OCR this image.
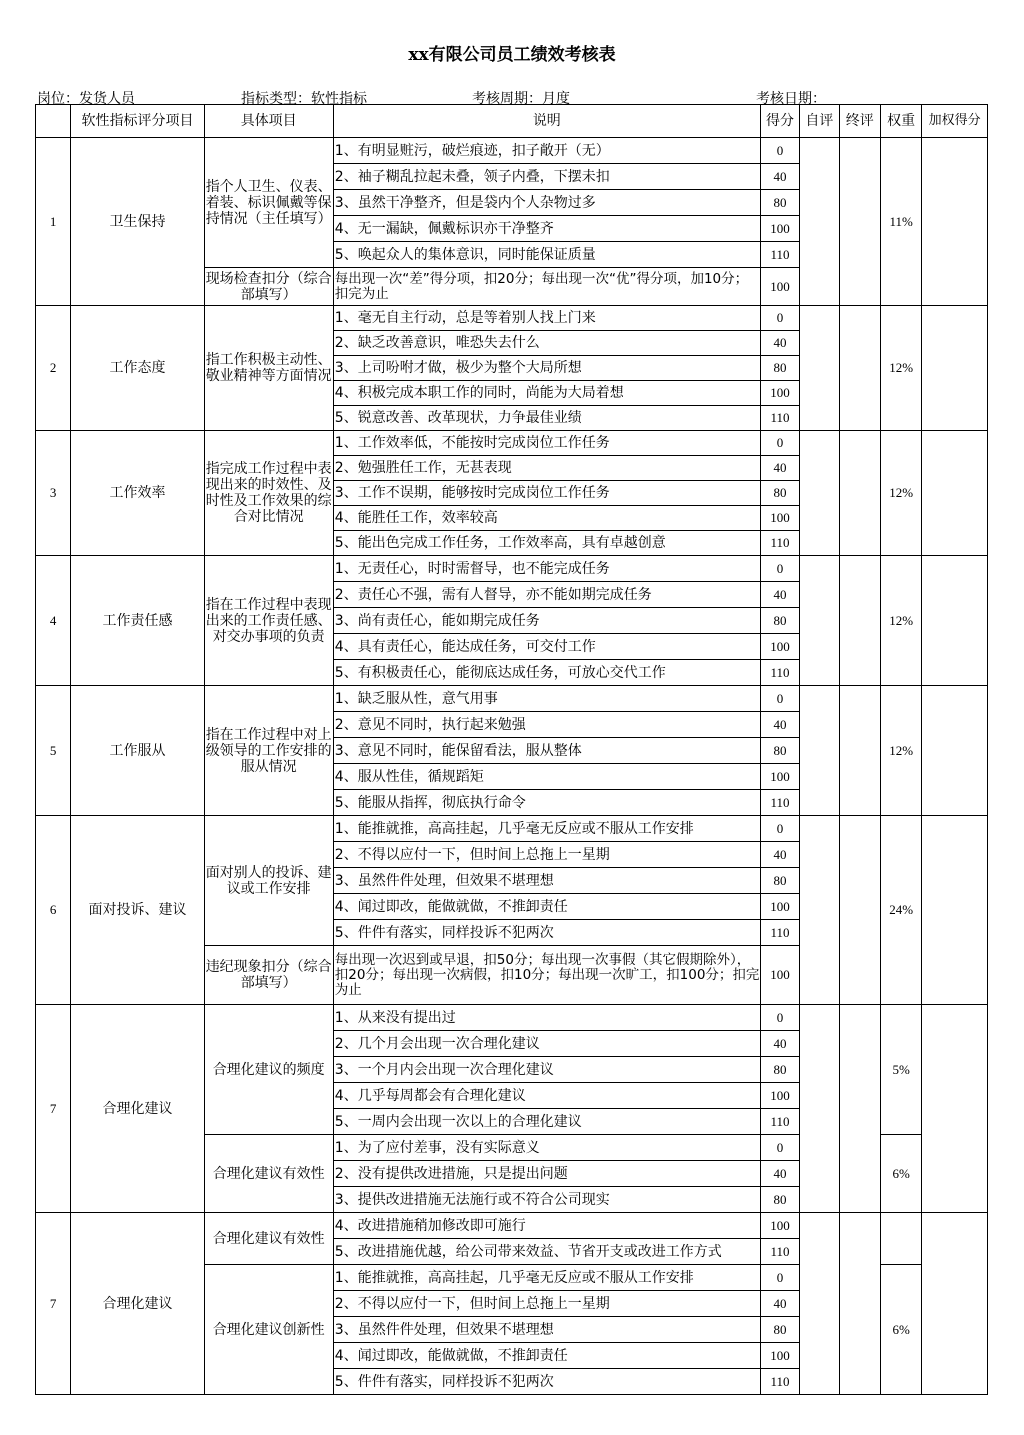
xx有限公司员工绩效考核表
岗位：发货人员	指标类型：软性指标	考核周期：月度	考核日期：
	软性指标评分项目	具体项目	说明	得分	自评	终评	权重	加权得分
1	卫生保持	指个人卫生、仪表、着装、标识佩戴等保持情况（主任填写）	1、有明显赃污，破烂痕迹，扣子敞开（无）	0			11%	
			2、袖子糊乱拉起未叠，领子内叠，下摆未扣	40				
			3、虽然干净整齐，但是袋内个人杂物过多	80				
			4、无一漏缺，佩戴标识亦干净整齐	100				
			5、唤起众人的集体意识，同时能保证质量	110				
		现场检查扣分（综合部填写）	每出现一次“差”得分项，扣20分；每出现一次“优”得分项，加10分；扣完为止	100				
2	工作态度	指工作积极主动性、敬业精神等方面情况	1、毫无自主行动，总是等着别人找上门来	0			12%	
			2、缺乏改善意识，唯恐失去什么	40				
			3、上司吩咐才做，极少为整个大局所想	80				
			4、积极完成本职工作的同时，尚能为大局着想	100				
			5、锐意改善、改革现状，力争最佳业绩	110				
3	工作效率	指完成工作过程中表现出来的时效性、及时性及工作效果的综合对比情况	1、工作效率低，不能按时完成岗位工作任务	0			12%	
			2、勉强胜任工作，无甚表现	40				
			3、工作不误期，能够按时完成岗位工作任务	80				
			4、能胜任工作，效率较高	100				
			5、能出色完成工作任务，工作效率高，具有卓越创意	110				
4	工作责任感	指在工作过程中表现出来的工作责任感、对交办事项的负责	1、无责任心，时时需督导，也不能完成任务	0			12%	
			2、责任心不强，需有人督导，亦不能如期完成任务	40				
			3、尚有责任心，能如期完成任务	80				
			4、具有责任心，能达成任务，可交付工作	100				
			5、有积极责任心，能彻底达成任务，可放心交代工作	110				
5	工作服从	指在工作过程中对上级领导的工作安排的服从情况	1、缺乏服从性，意气用事	0			12%	
			2、意见不同时，执行起来勉强	40				
			3、意见不同时，能保留看法，服从整体	80				
			4、服从性佳，循规蹈矩	100				
			5、能服从指挥，彻底执行命令	110				
6	面对投诉、建议	面对别人的投诉、建议或工作安排	1、能推就推，高高挂起，几乎毫无反应或不服从工作安排	0			24%	
			2、不得以应付一下，但时间上总拖上一星期	40				
			3、虽然件件处理，但效果不堪理想	80				
			4、闻过即改，能做就做，不推卸责任	100				
			5、件件有落实，同样投诉不犯两次	110				
		违纪现象扣分（综合部填写）	每出现一次迟到或早退，扣50分；每出现一次事假（其它假期除外），扣20分；每出现一次病假，扣10分；每出现一次旷工，扣100分；扣完为止	100				
7	合理化建议	合理化建议的频度	1、从来没有提出过	0			5%	
			2、几个月会出现一次合理化建议	40				
			3、一个月内会出现一次合理化建议	80				
			4、几乎每周都会有合理化建议	100				
			5、一周内会出现一次以上的合理化建议	110				
		合理化建议有效性	1、为了应付差事，没有实际意义	0			6%	
			2、没有提供改进措施，只是提出问题	40				
			3、提供改进措施无法施行或不符合公司现实	80				
7	合理化建议	合理化建议有效性	4、改进措施稍加修改即可施行	100				
			5、改进措施优越，给公司带来效益、节省开支或改进工作方式	110				
		合理化建议创新性	1、能推就推，高高挂起，几乎毫无反应或不服从工作安排	0			6%	
			2、不得以应付一下，但时间上总拖上一星期	40				
			3、虽然件件处理，但效果不堪理想	80				
			4、闻过即改，能做就做，不推卸责任	100				
			5、件件有落实，同样投诉不犯两次	110				
